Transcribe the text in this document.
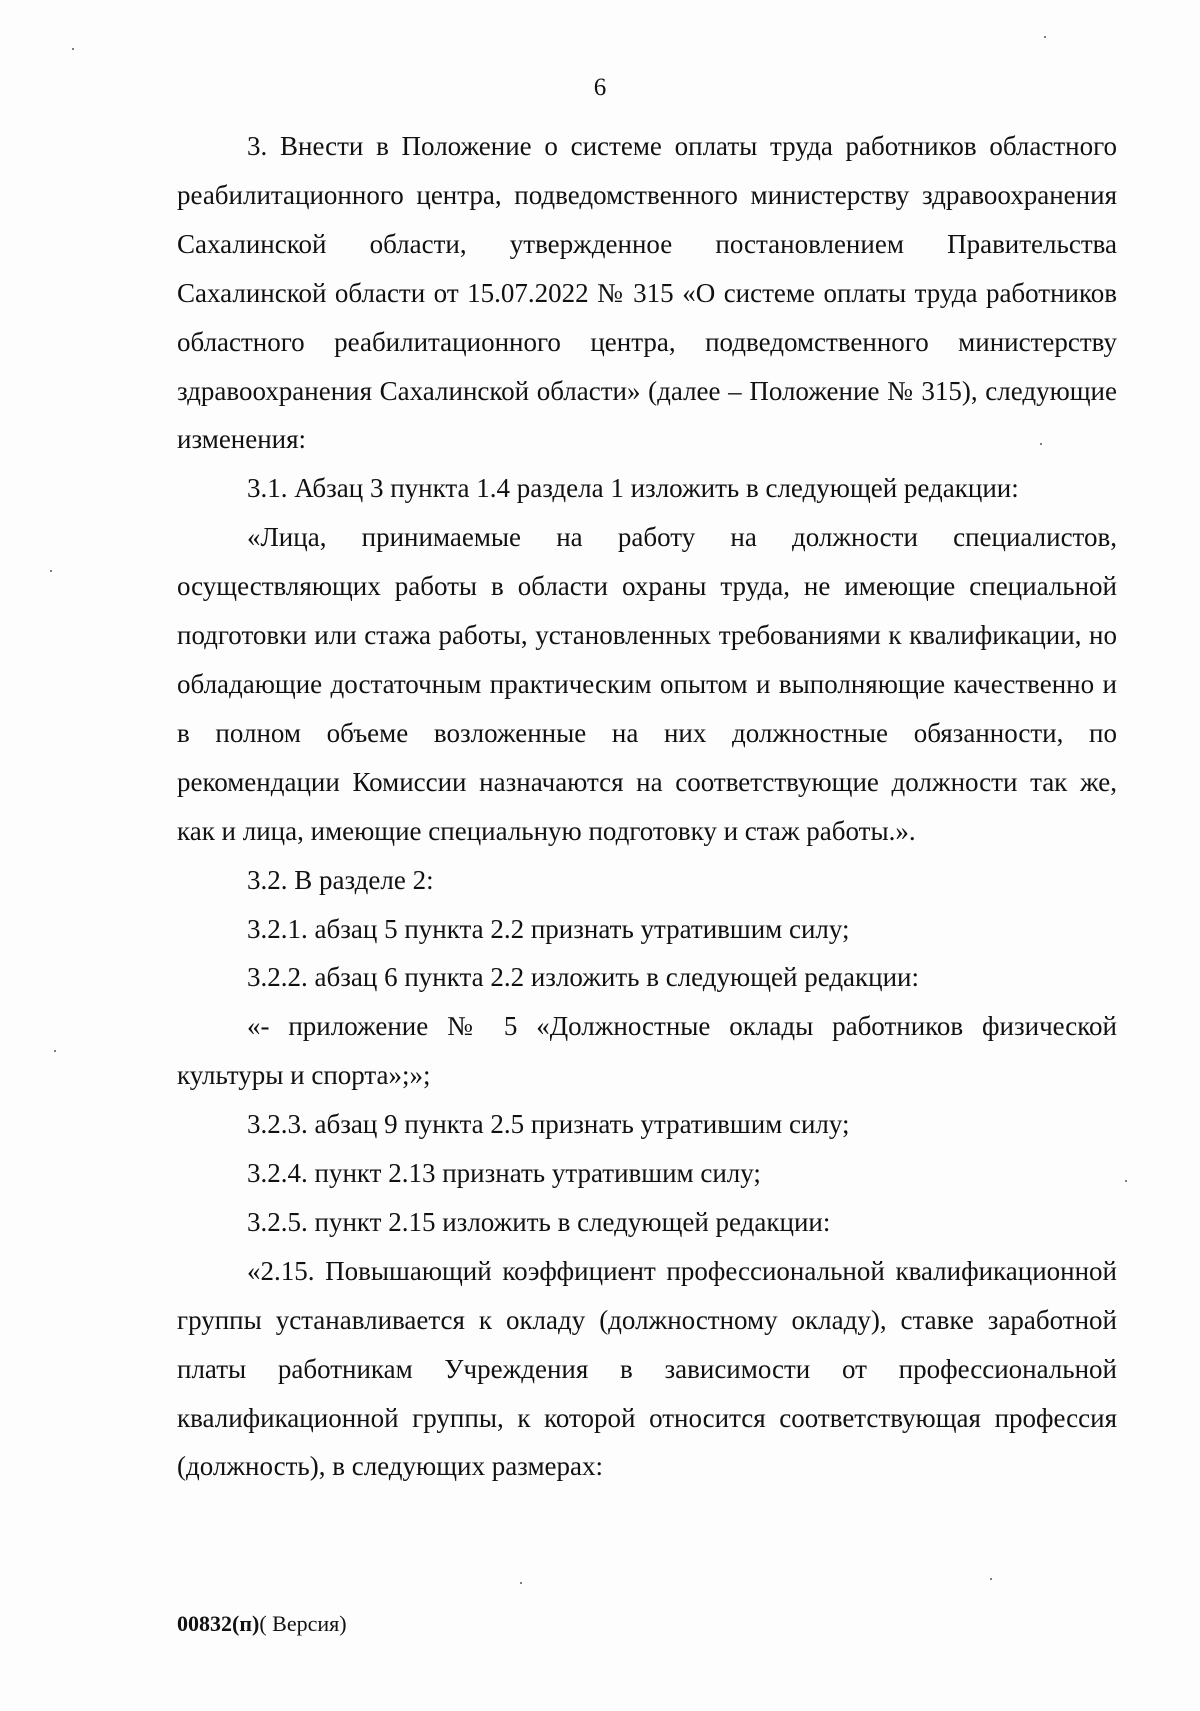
6

3. Внести в Положение о системе оплаты труда работников областного реабилитационного центра, подведомственного министерству здравоохранения Сахалинской области, утвержденное постановлением Правительства Сахалинской области от 15.07.2022 № 315 «О системе оплаты труда работников областного реабилитационного центра, подведомственного министерству здравоохранения Сахалинской области» (далее – Положение № 315), следующие изменения:

3.1. Абзац 3 пункта 1.4 раздела 1 изложить в следующей редакции:

«Лица, принимаемые на работу на должности специалистов, осуществляющих работы в области охраны труда, не имеющие специальной подготовки или стажа работы, установленных требованиями к квалификации, но обладающие достаточным практическим опытом и выполняющие качественно и в полном объеме возложенные на них должностные обязанности, по рекомендации Комиссии назначаются на соответствующие должности так же, как и лица, имеющие специальную подготовку и стаж работы.».

3.2. В разделе 2:

3.2.1. абзац 5 пункта 2.2 признать утратившим силу;

3.2.2. абзац 6 пункта 2.2 изложить в следующей редакции:

«- приложение № 5 «Должностные оклады работников физической культуры и спорта»;»;

3.2.3. абзац 9 пункта 2.5 признать утратившим силу;

3.2.4. пункт 2.13 признать утратившим силу;

3.2.5. пункт 2.15 изложить в следующей редакции:

«2.15. Повышающий коэффициент профессиональной квалификационной группы устанавливается к окладу (должностному окладу), ставке заработной платы работникам Учреждения в зависимости от профессиональной квалификационной группы, к которой относится соответствующая профессия (должность), в следующих размерах:

00832(п)( Версия)
